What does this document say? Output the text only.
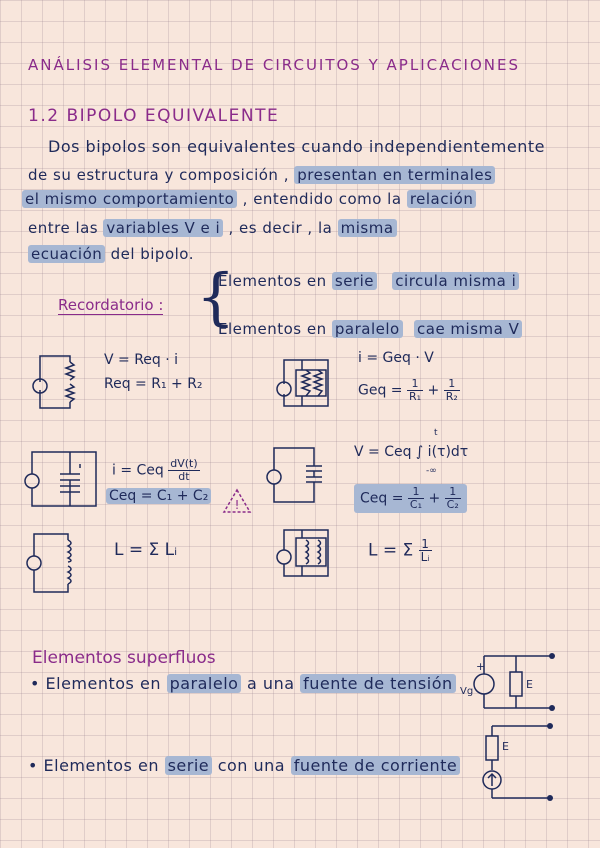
ANÁLISIS ELEMENTAL DE CIRCUITOS Y APLICACIONES
1.2 BIPOLO EQUIVALENTE
Dos bipolos son equivalentes cuando independientemente
de su estructura y composición , presentan en terminales
el mismo comportamiento , entendido como la relación
entre las variables V e i , es decir , la misma
ecuación del bipolo.
Recordatorio : {
Elementos en serie circula misma i
Elementos en paralelo cae misma V
V = Req · i
Req = R₁ + R₂
i = Geq · V
Geq = $\frac{1}{\text{R₁}} + \frac{1}{\text{R₂}}$
i = Ceq $\frac{dV(t)}{dt}$
Ceq = C₁ + C₂
!
V = Ceq ∫ i(τ)dτ
t
-∞
Ceq = $\frac{1}{\text{C₁}} + \frac{1}{\text{C₂}}$
L = Σ Lᵢ	L = Σ $\frac{1}{\text{Lᵢ}}$
Elementos superfluos
• Elementos en paralelo a una fuente de tensión
• Elementos en serie con una fuente de corriente
+
Vg
E
E
